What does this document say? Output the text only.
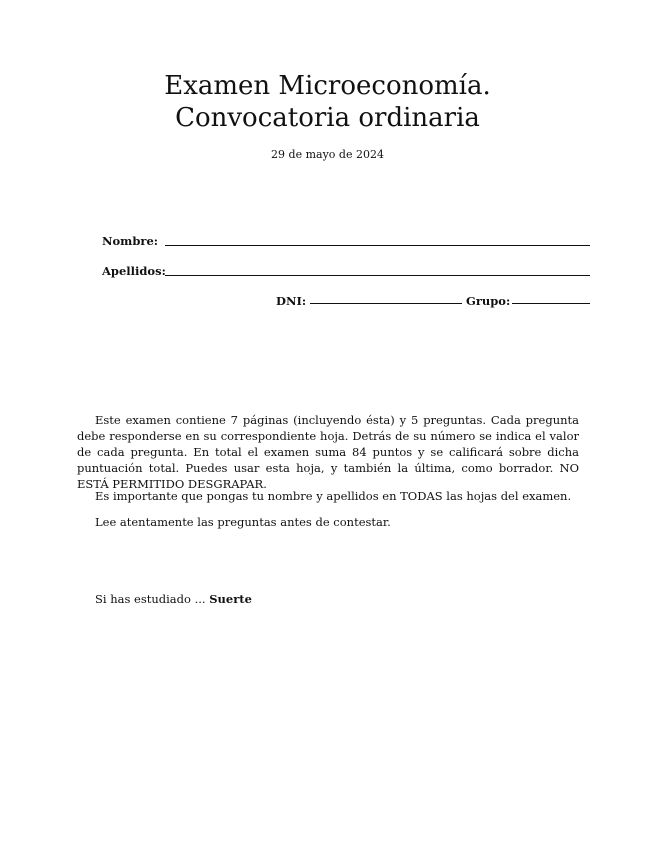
Examen Microeconomía.
Convocatoria ordinaria
29 de mayo de 2024
Nombre:
Apellidos:
DNI:	Grupo:

Este examen contiene 7 páginas (incluyendo ésta) y 5 preguntas. Cada pregunta debe responderse en su correspondiente hoja. Detrás de su número se indica el valor de cada pregunta. En total el examen suma 84 puntos y se calificará sobre dicha puntuación total. Puedes usar esta hoja, y también la última, como borrador. NO ESTÁ PERMITIDO DESGRAPAR.

Es importante que pongas tu nombre y apellidos en TODAS las hojas del examen.

Lee atentamente las preguntas antes de contestar.

Si has estudiado ... Suerte
